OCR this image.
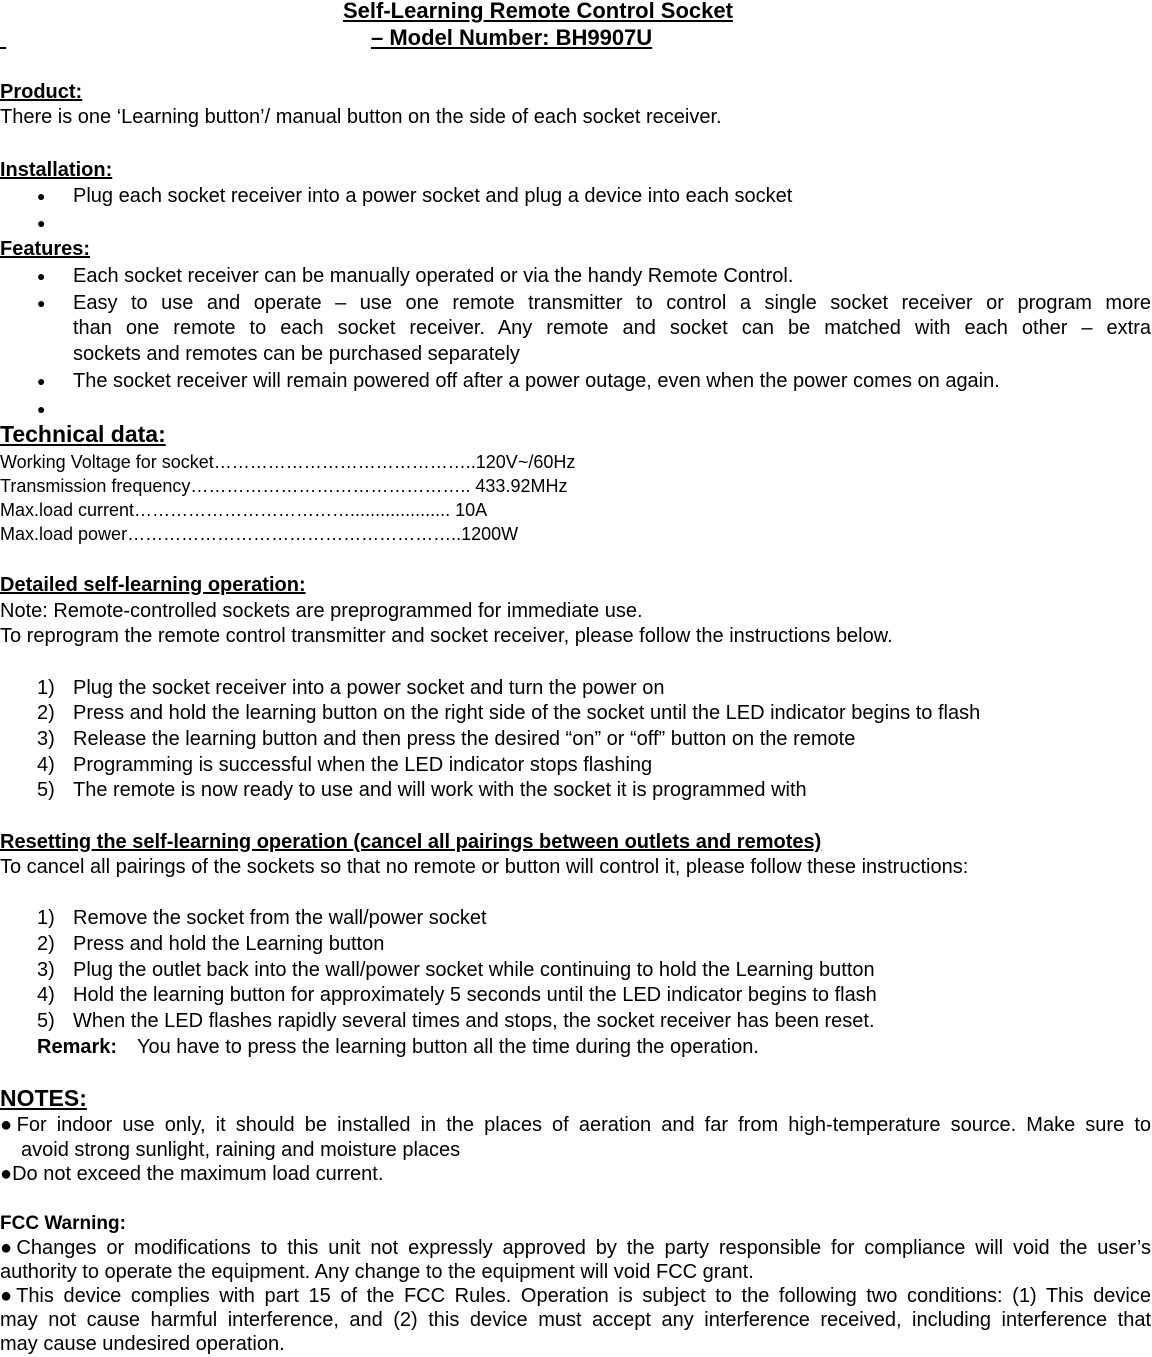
Self-Learning Remote Control Socket

– Model Number: BH9907U
Product:
There is one ‘Learning button’/ manual button on the side of each socket receiver.
Installation:
● Plug each socket receiver into a power socket and plug a device into each socket
●
Features:
● Each socket receiver can be manually operated or via the handy Remote Control.
● Easy to use and operate – use one remote transmitter to control a single socket receiver or program more
than one remote to each socket receiver. Any remote and socket can be matched with each other – extra
sockets and remotes can be purchased separately
● The socket receiver will remain powered off after a power outage, even when the power comes on again.
●
Technical data:
Working Voltage for socket……………………………………..120V~/60Hz
Transmission frequency……………………………………….. 433.92MHz
Max.load current……………………………….................... 10A
Max.load power………………………………………………..1200W
Detailed self-learning operation:
Note: Remote-controlled sockets are preprogrammed for immediate use.
To reprogram the remote control transmitter and socket receiver, please follow the instructions below.
1) Plug the socket receiver into a power socket and turn the power on
2) Press and hold the learning button on the right side of the socket until the LED indicator begins to flash
3) Release the learning button and then press the desired “on” or “off” button on the remote
4) Programming is successful when the LED indicator stops flashing
5) The remote is now ready to use and will work with the socket it is programmed with
Resetting the self-learning operation (cancel all pairings between outlets and remotes)
To cancel all pairings of the sockets so that no remote or button will control it, please follow these instructions:
1) Remove the socket from the wall/power socket
2) Press and hold the Learning button
3) Plug the outlet back into the wall/power socket while continuing to hold the Learning button
4) Hold the learning button for approximately 5 seconds until the LED indicator begins to flash
5) When the LED flashes rapidly several times and stops, the socket receiver has been reset.
Remark: You have to press the learning button all the time during the operation.
NOTES:
●For indoor use only, it should be installed in the places of aeration and far from high-temperature source. Make sure to
avoid strong sunlight, raining and moisture places
●Do not exceed the maximum load current.
FCC Warning:
●Changes or modifications to this unit not expressly approved by the party responsible for compliance will void the user’s
authority to operate the equipment. Any change to the equipment will void FCC grant.
●This device complies with part 15 of the FCC Rules. Operation is subject to the following two conditions: (1) This device
may not cause harmful interference, and (2) this device must accept any interference received, including interference that
may cause undesired operation.
